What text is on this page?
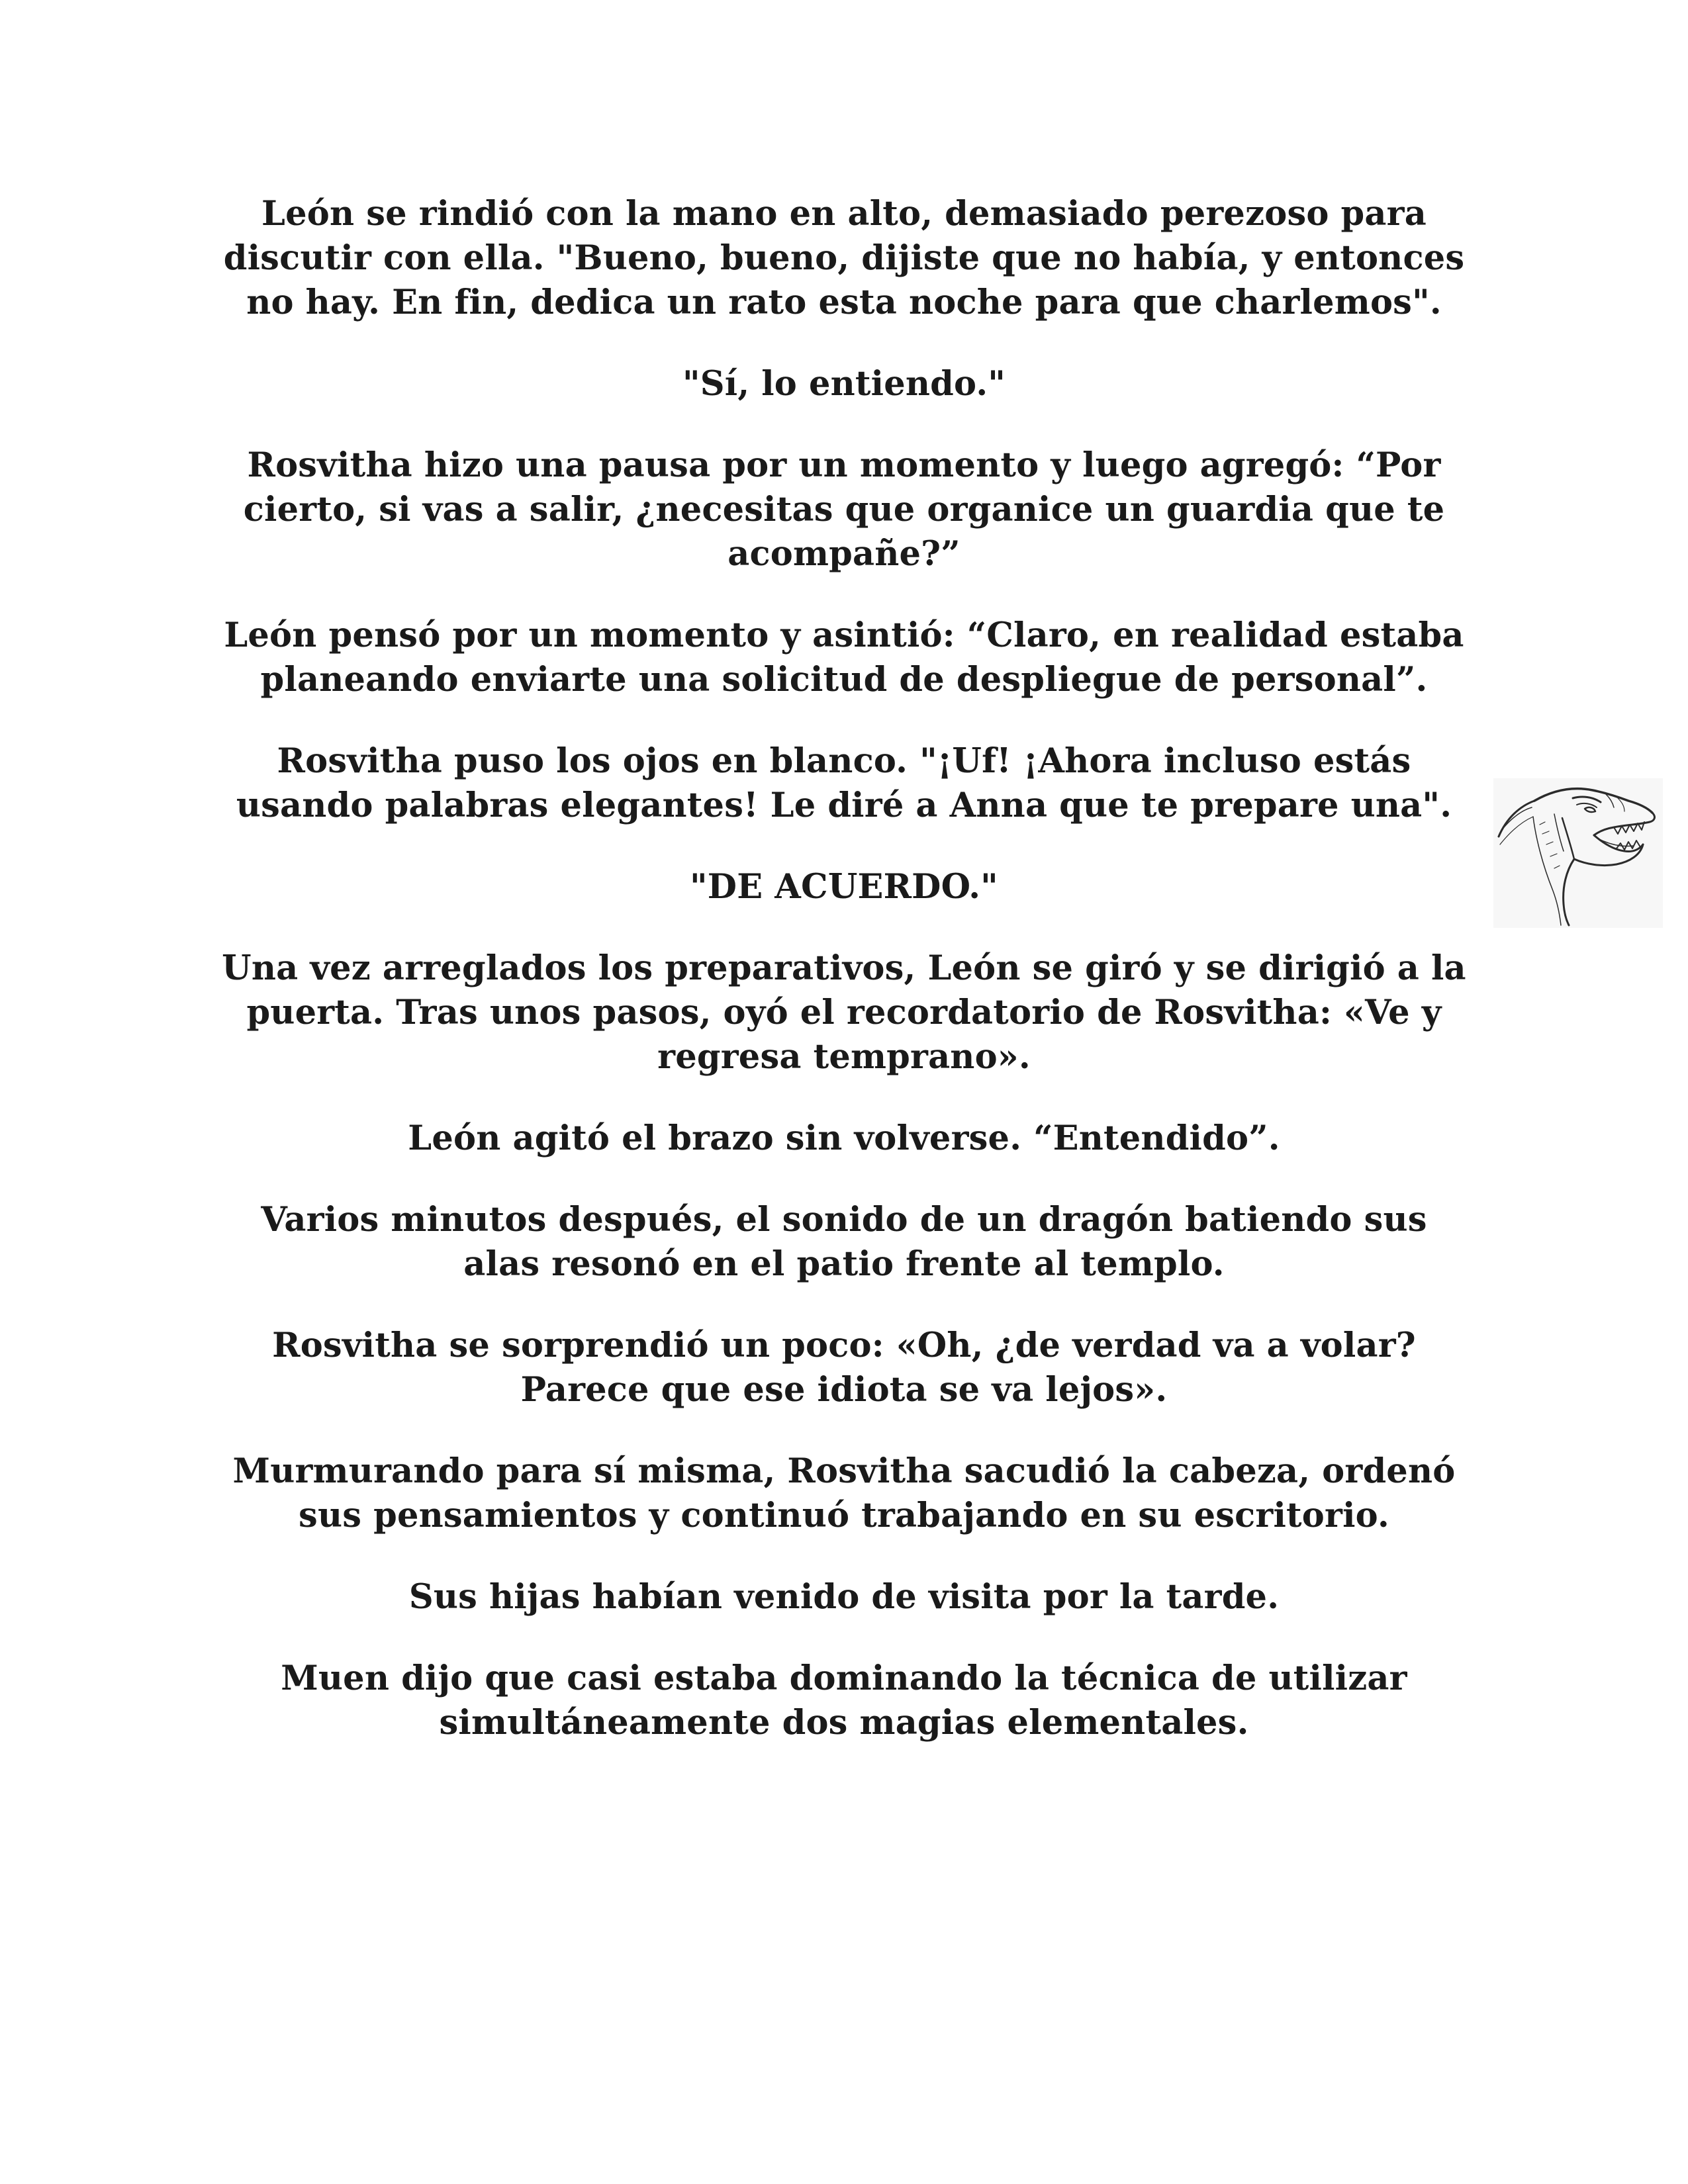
León se rindió con la mano en alto, demasiado perezoso para discutir con ella. "Bueno, bueno, dijiste que no había, y entonces no hay. En fin, dedica un rato esta noche para que charlemos".

"Sí, lo entiendo."

Rosvitha hizo una pausa por un momento y luego agregó: “Por cierto, si vas a salir, ¿necesitas que organice un guardia que te acompañe?”

León pensó por un momento y asintió: “Claro, en realidad estaba planeando enviarte una solicitud de despliegue de personal”.

Rosvitha puso los ojos en blanco. "¡Uf! ¡Ahora incluso estás usando palabras elegantes! Le diré a Anna que te prepare una".

"DE ACUERDO."

Una vez arreglados los preparativos, León se giró y se dirigió a la puerta. Tras unos pasos, oyó el recordatorio de Rosvitha: «Ve y regresa temprano».

León agitó el brazo sin volverse. “Entendido”.

Varios minutos después, el sonido de un dragón batiendo sus alas resonó en el patio frente al templo.

Rosvitha se sorprendió un poco: «Oh, ¿de verdad va a volar? Parece que ese idiota se va lejos».

Murmurando para sí misma, Rosvitha sacudió la cabeza, ordenó sus pensamientos y continuó trabajando en su escritorio.

Sus hijas habían venido de visita por la tarde.

Muen dijo que casi estaba dominando la técnica de utilizar simultáneamente dos magias elementales.
